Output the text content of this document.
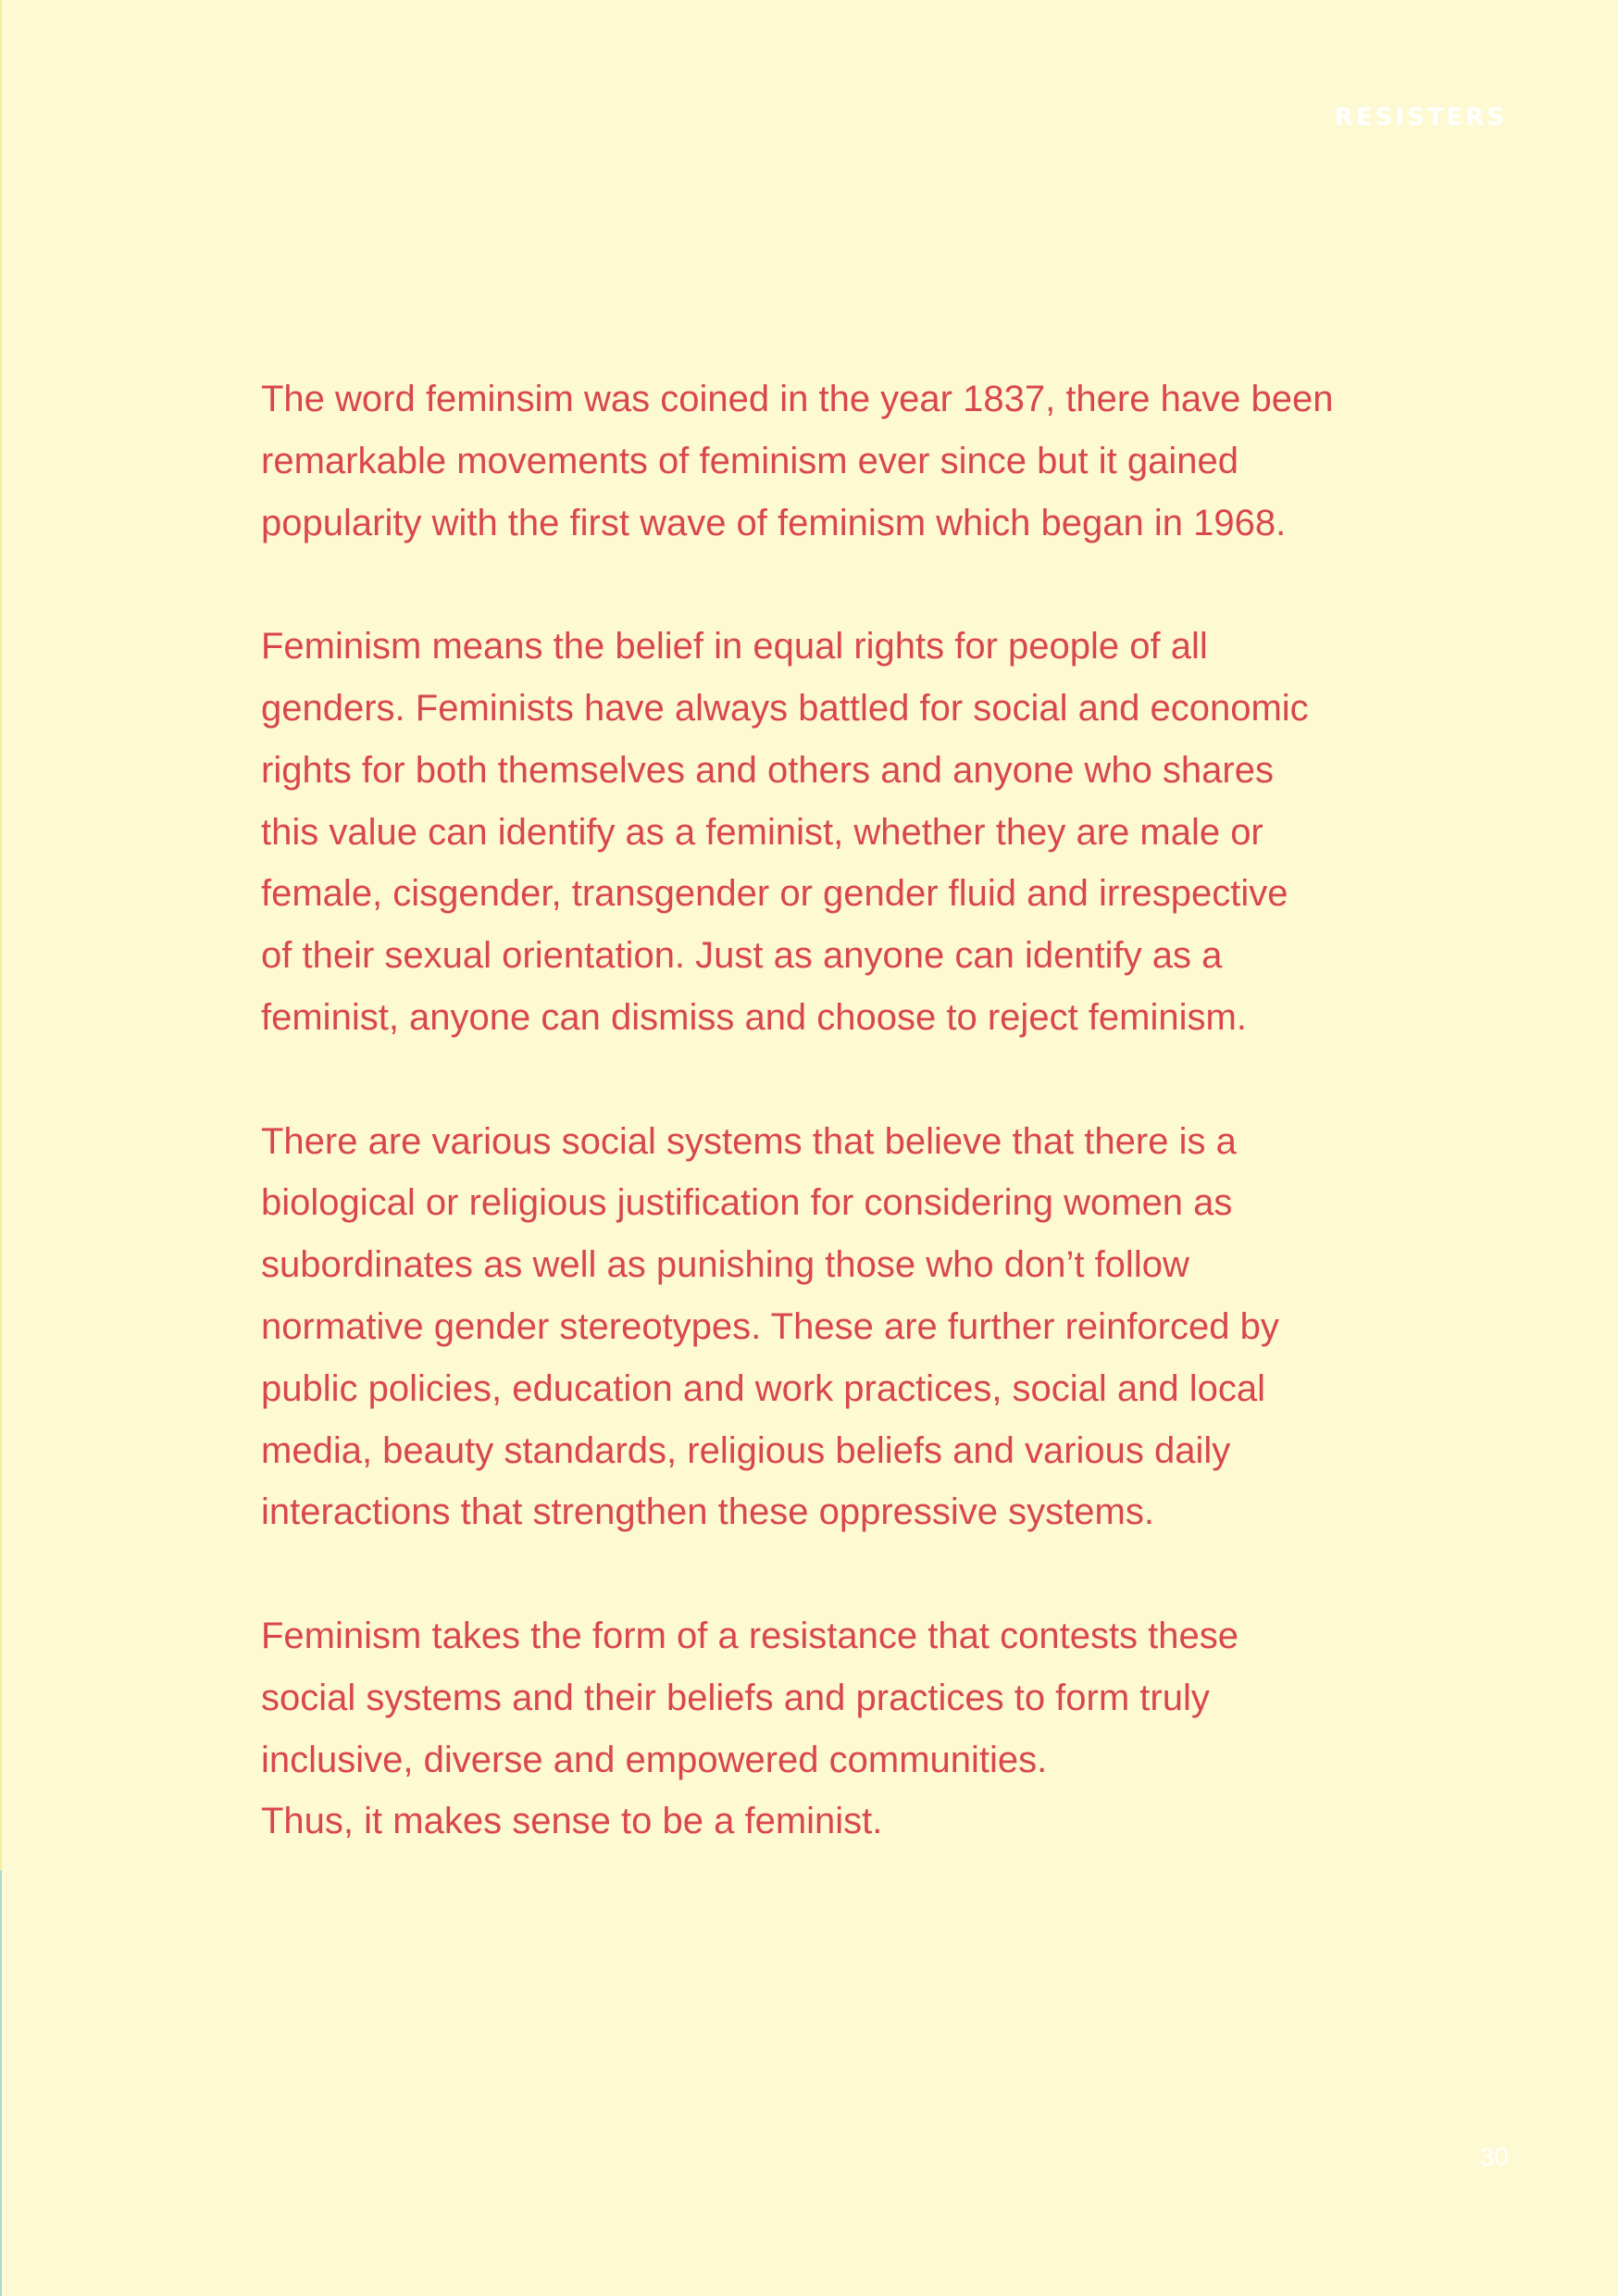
RESISTERS

The word feminsim was coined in the year 1837, there have been
remarkable movements of feminism ever since but it gained
popularity with the first wave of feminism which began in 1968.

Feminism means the belief in equal rights for people of all
genders. Feminists have always battled for social and economic
rights for both themselves and others and anyone who shares
this value can identify as a feminist, whether they are male or
female, cisgender, transgender or gender fluid and irrespective
of their sexual orientation. Just as anyone can identify as a
feminist, anyone can dismiss and choose to reject feminism.

There are various social systems that believe that there is a
biological or religious justification for considering women as
subordinates as well as punishing those who don’t follow
normative gender stereotypes. These are further reinforced by
public policies, education and work practices, social and local
media, beauty standards, religious beliefs and various daily
interactions that strengthen these oppressive systems.

Feminism takes the form of a resistance that contests these
social systems and their beliefs and practices to form truly
inclusive, diverse and empowered communities.
Thus, it makes sense to be a feminist.

30
